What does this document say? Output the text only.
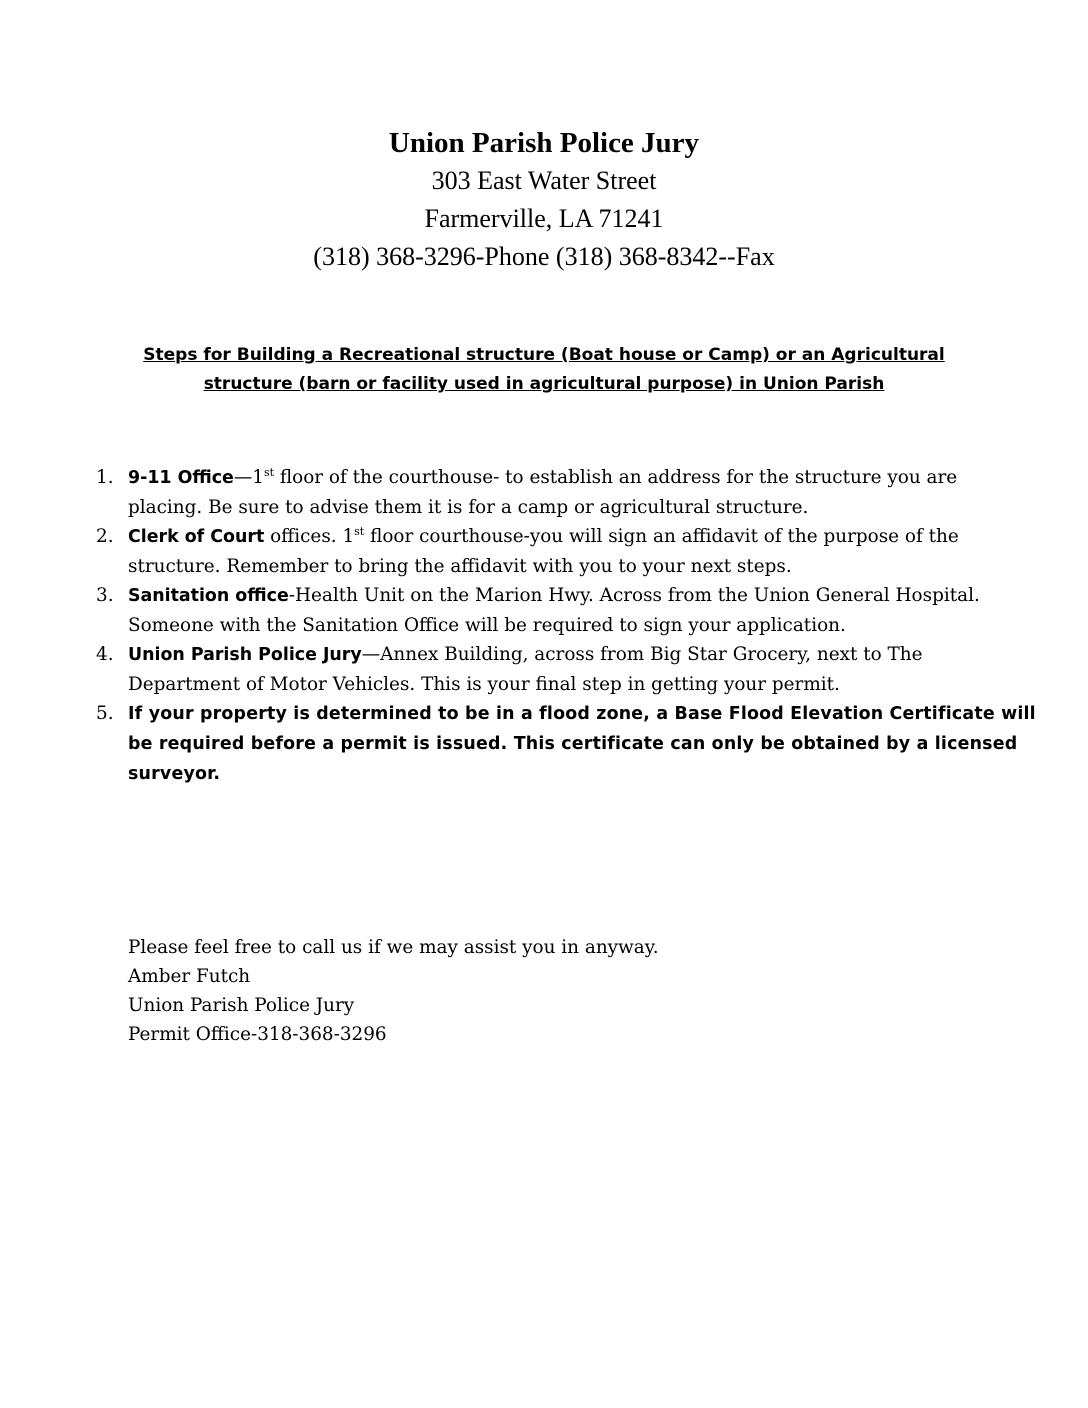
Union Parish Police Jury

303 East Water Street

Farmerville, LA 71241

(318) 368-3296-Phone (318) 368-8342--Fax

Steps for Building a Recreational structure (Boat house or Camp) or an Agricultural
structure (barn or facility used in agricultural purpose) in Union Parish
1. 9-11 Office—1st floor of the courthouse- to establish an address for the structure you are placing. Be sure to advise them it is for a camp or agricultural structure.
2. Clerk of Court offices. 1st floor courthouse-you will sign an affidavit of the purpose of the structure. Remember to bring the affidavit with you to your next steps.
3. Sanitation office-Health Unit on the Marion Hwy. Across from the Union General Hospital. Someone with the Sanitation Office will be required to sign your application.
4. Union Parish Police Jury—Annex Building, across from Big Star Grocery, next to The Department of Motor Vehicles. This is your final step in getting your permit.
5. If your property is determined to be in a flood zone, a Base Flood Elevation Certificate will be required before a permit is issued. This certificate can only be obtained by a licensed surveyor.

Please feel free to call us if we may assist you in anyway.

Amber Futch

Union Parish Police Jury

Permit Office-318-368-3296
